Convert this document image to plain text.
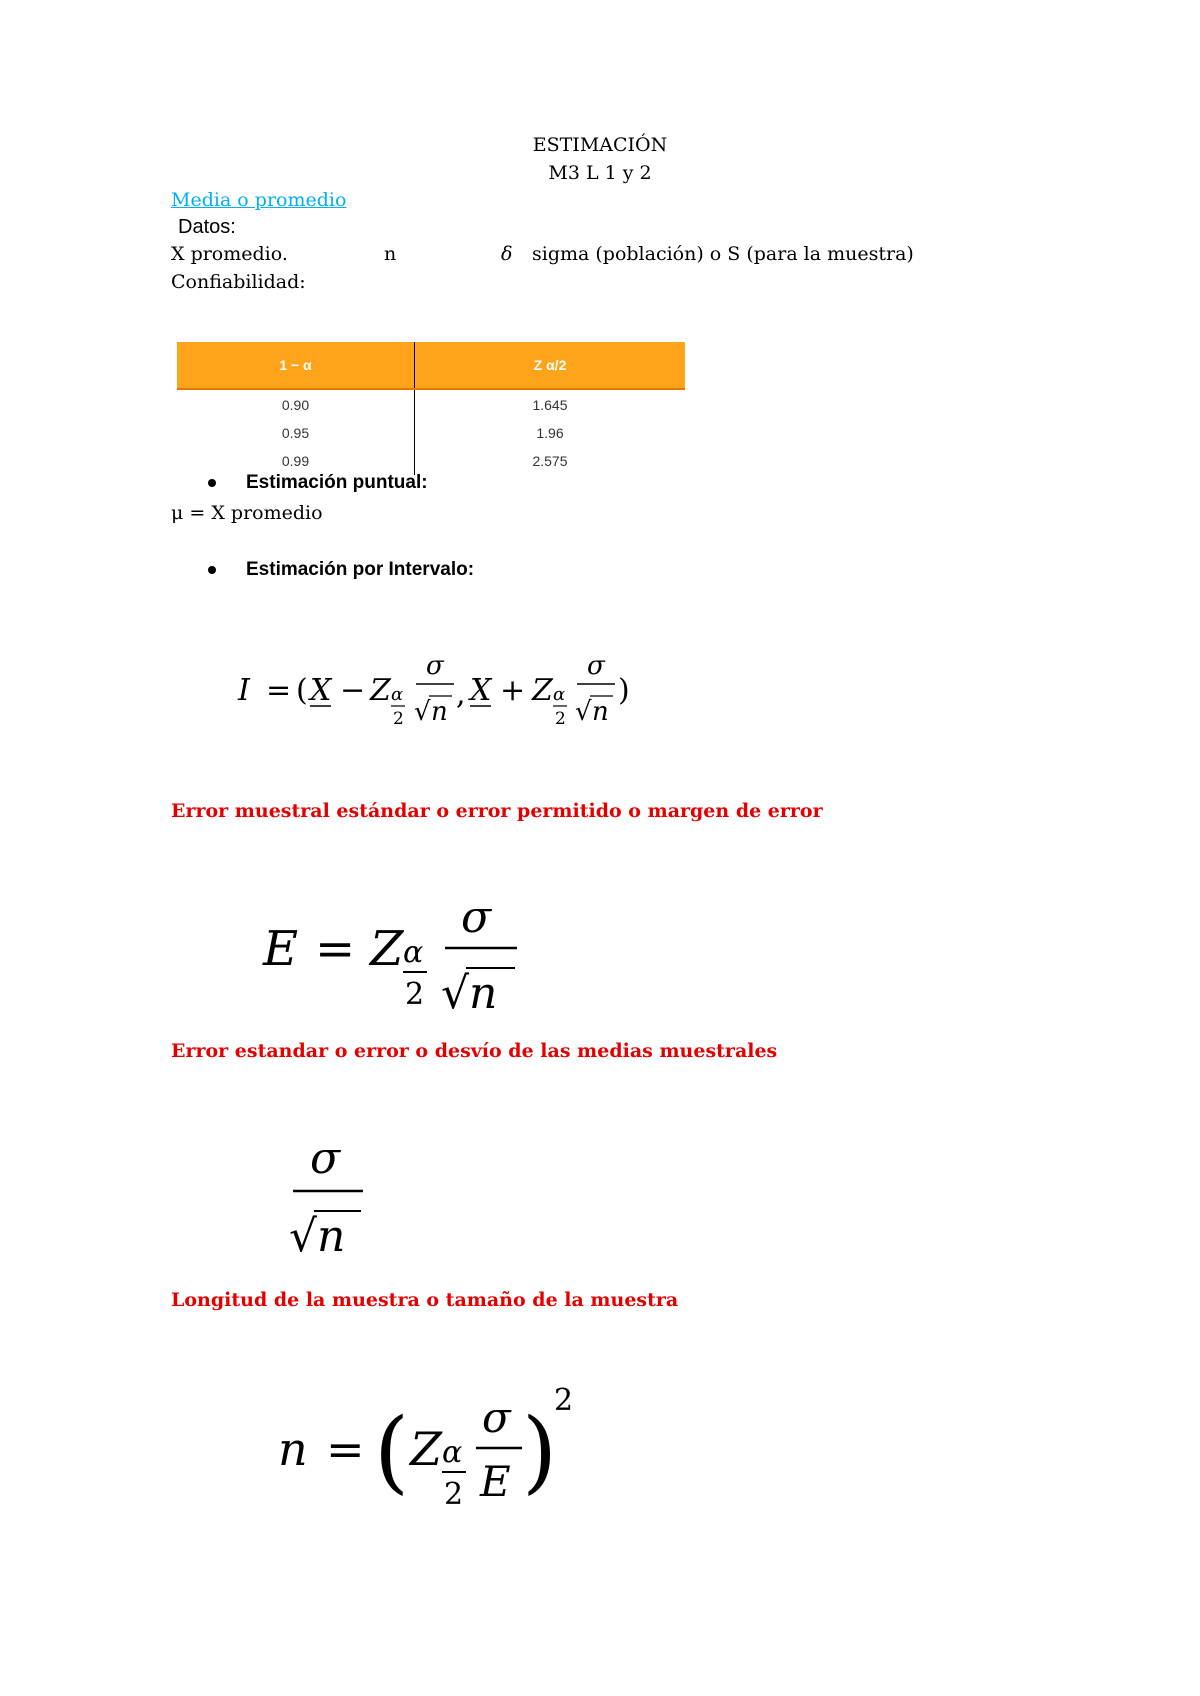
ESTIMACIÓN
M3 L 1 y 2
Media o promedio
Datos:
X promedio.	n	δ sigma (población) o S (para la muestra)
Confiabilidad:
1 − α	Z α/2
0.90	1.645
0.95	1.96
0.99	2.575
Estimación puntual:
μ = X promedio
Estimación por Intervalo:
I = ( X − Z α
2
σ
√ n , X + Z α
2
σ
√ n
)
Error muestral estándar o error permitido o margen de error
E = Z α
2
σ
√ n
Error estandar o error o desvío de las medias muestrales
σ
√ n
Longitud de la muestra o tamaño de la muestra
n = ( Z α
2
σ
E )
2
